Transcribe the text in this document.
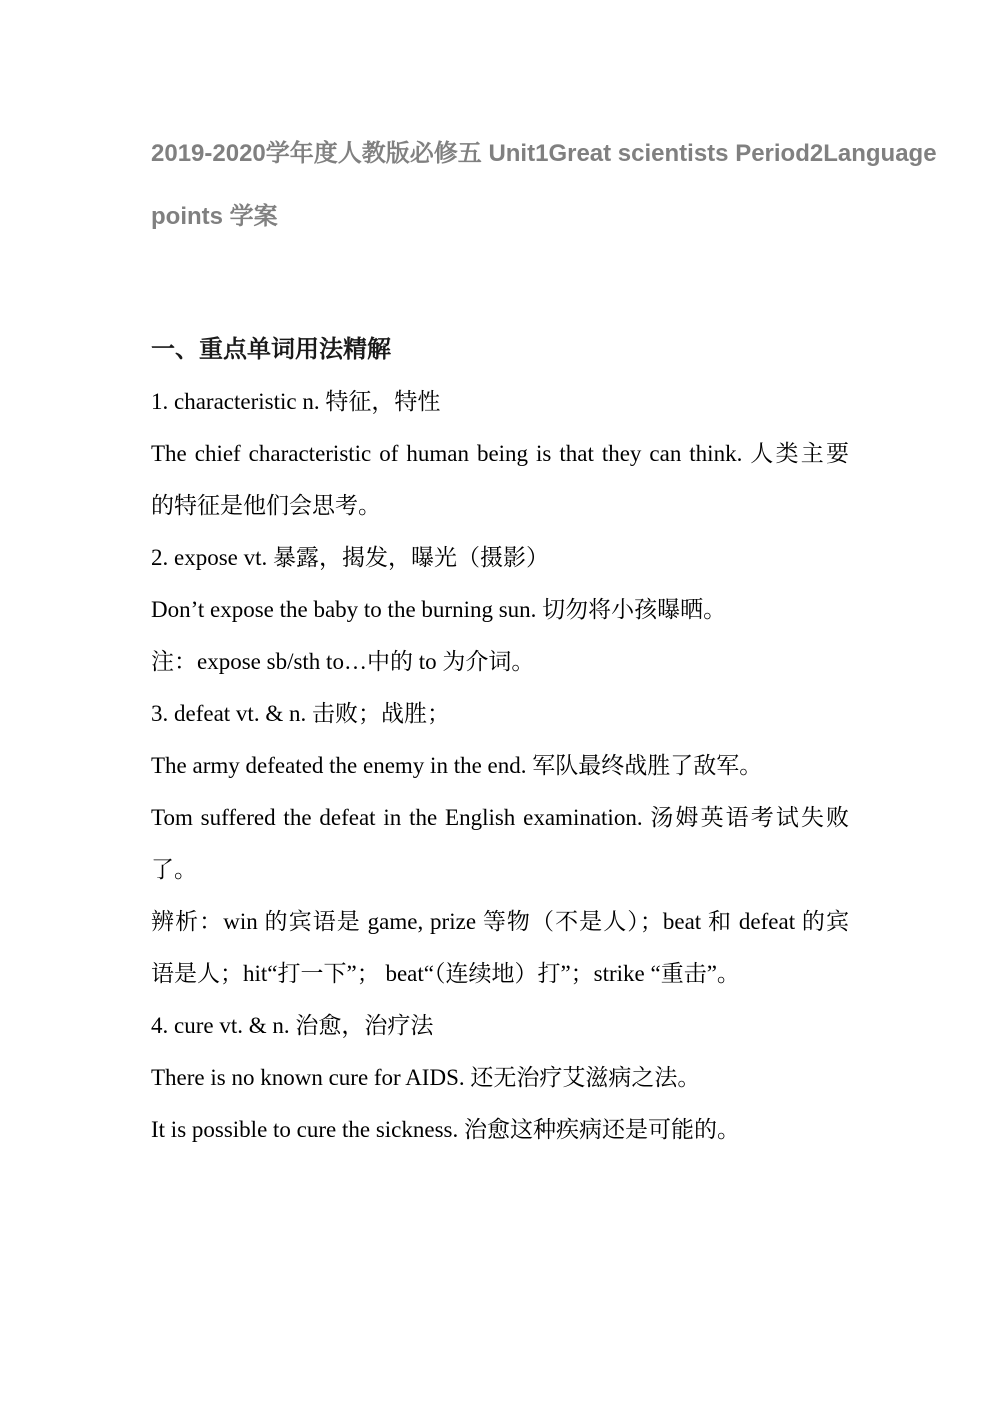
2019-2020学年度人教版必修五 Unit1Great scientists Period2Language
points 学案
一、重点单词用法精解
1. characteristic n. 特征，特性
The chief characteristic of human being is that they can think. 人类主要
的特征是他们会思考。
2. expose vt. 暴露，揭发，曝光（摄影）
Don’t expose the baby to the burning sun. 切勿将小孩曝晒。
注：expose sb/sth to…中的 to 为介词。
3. defeat vt. & n. 击败；战胜；
The army defeated the enemy in the end. 军队最终战胜了敌军。
Tom suffered the defeat in the English examination. 汤姆英语考试失败
了。
辨析：win 的宾语是 game, prize 等物（不是人）；beat 和 defeat 的宾
语是人；hit“打一下”； beat“（连续地）打”；strike “重击”。
4. cure vt. & n. 治愈，治疗法
There is no known cure for AIDS. 还无治疗艾滋病之法。
It is possible to cure the sickness. 治愈这种疾病还是可能的。
